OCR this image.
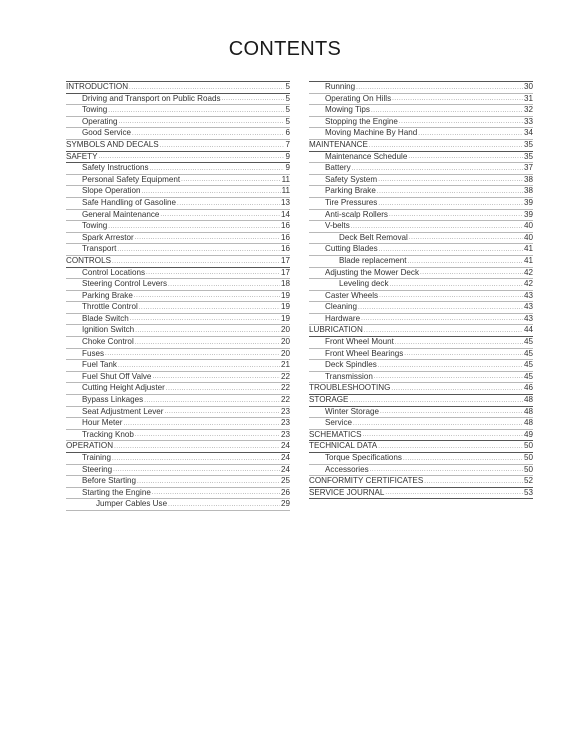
CONTENTS
INTRODUCTION .....	5
Driving and Transport on Public Roads .....	5
Towing .....	5
Operating .....	5
Good Service .....	6
SYMBOLS AND DECALS .....	7
SAFETY .....	9
Safety Instructions .....	9
Personal Safety Equipment .....	11
Slope Operation .....	11
Safe Handling of Gasoline .....	13
General Maintenance .....	14
Towing .....	16
Spark Arrestor .....	16
Transport .....	16
CONTROLS .....	17
Control Locations .....	17
Steering Control Levers .....	18
Parking Brake .....	19
Throttle Control .....	19
Blade Switch .....	19
Ignition Switch .....	20
Choke Control .....	20
Fuses .....	20
Fuel Tank .....	21
Fuel Shut Off Valve .....	22
Cutting Height Adjuster .....	22
Bypass Linkages .....	22
Seat Adjustment Lever .....	23
Hour Meter .....	23
Tracking Knob .....	23
OPERATION .....	24
Training .....	24
Steering .....	24
Before Starting .....	25
Starting the Engine .....	26
Jumper Cables Use .....	29
Running .....	30
Operating On Hills .....	31
Mowing Tips .....	32
Stopping the Engine .....	33
Moving Machine By Hand .....	34
MAINTENANCE .....	35
Maintenance Schedule .....	35
Battery .....	37
Safety System .....	38
Parking Brake .....	38
Tire Pressures .....	39
Anti-scalp Rollers .....	39
V-belts .....	40
Deck Belt Removal .....	40
Cutting Blades .....	41
Blade replacement .....	41
Adjusting the Mower Deck .....	42
Leveling deck .....	42
Caster Wheels .....	43
Cleaning .....	43
Hardware .....	43
LUBRICATION .....	44
Front Wheel Mount .....	45
Front Wheel Bearings .....	45
Deck Spindles .....	45
Transmission .....	45
TROUBLESHOOTING .....	46
STORAGE .....	48
Winter Storage .....	48
Service .....	48
SCHEMATICS .....	49
TECHNICAL DATA .....	50
Torque Specifications .....	50
Accessories .....	50
CONFORMITY CERTIFICATES .....	52
SERVICE JOURNAL .....	53
